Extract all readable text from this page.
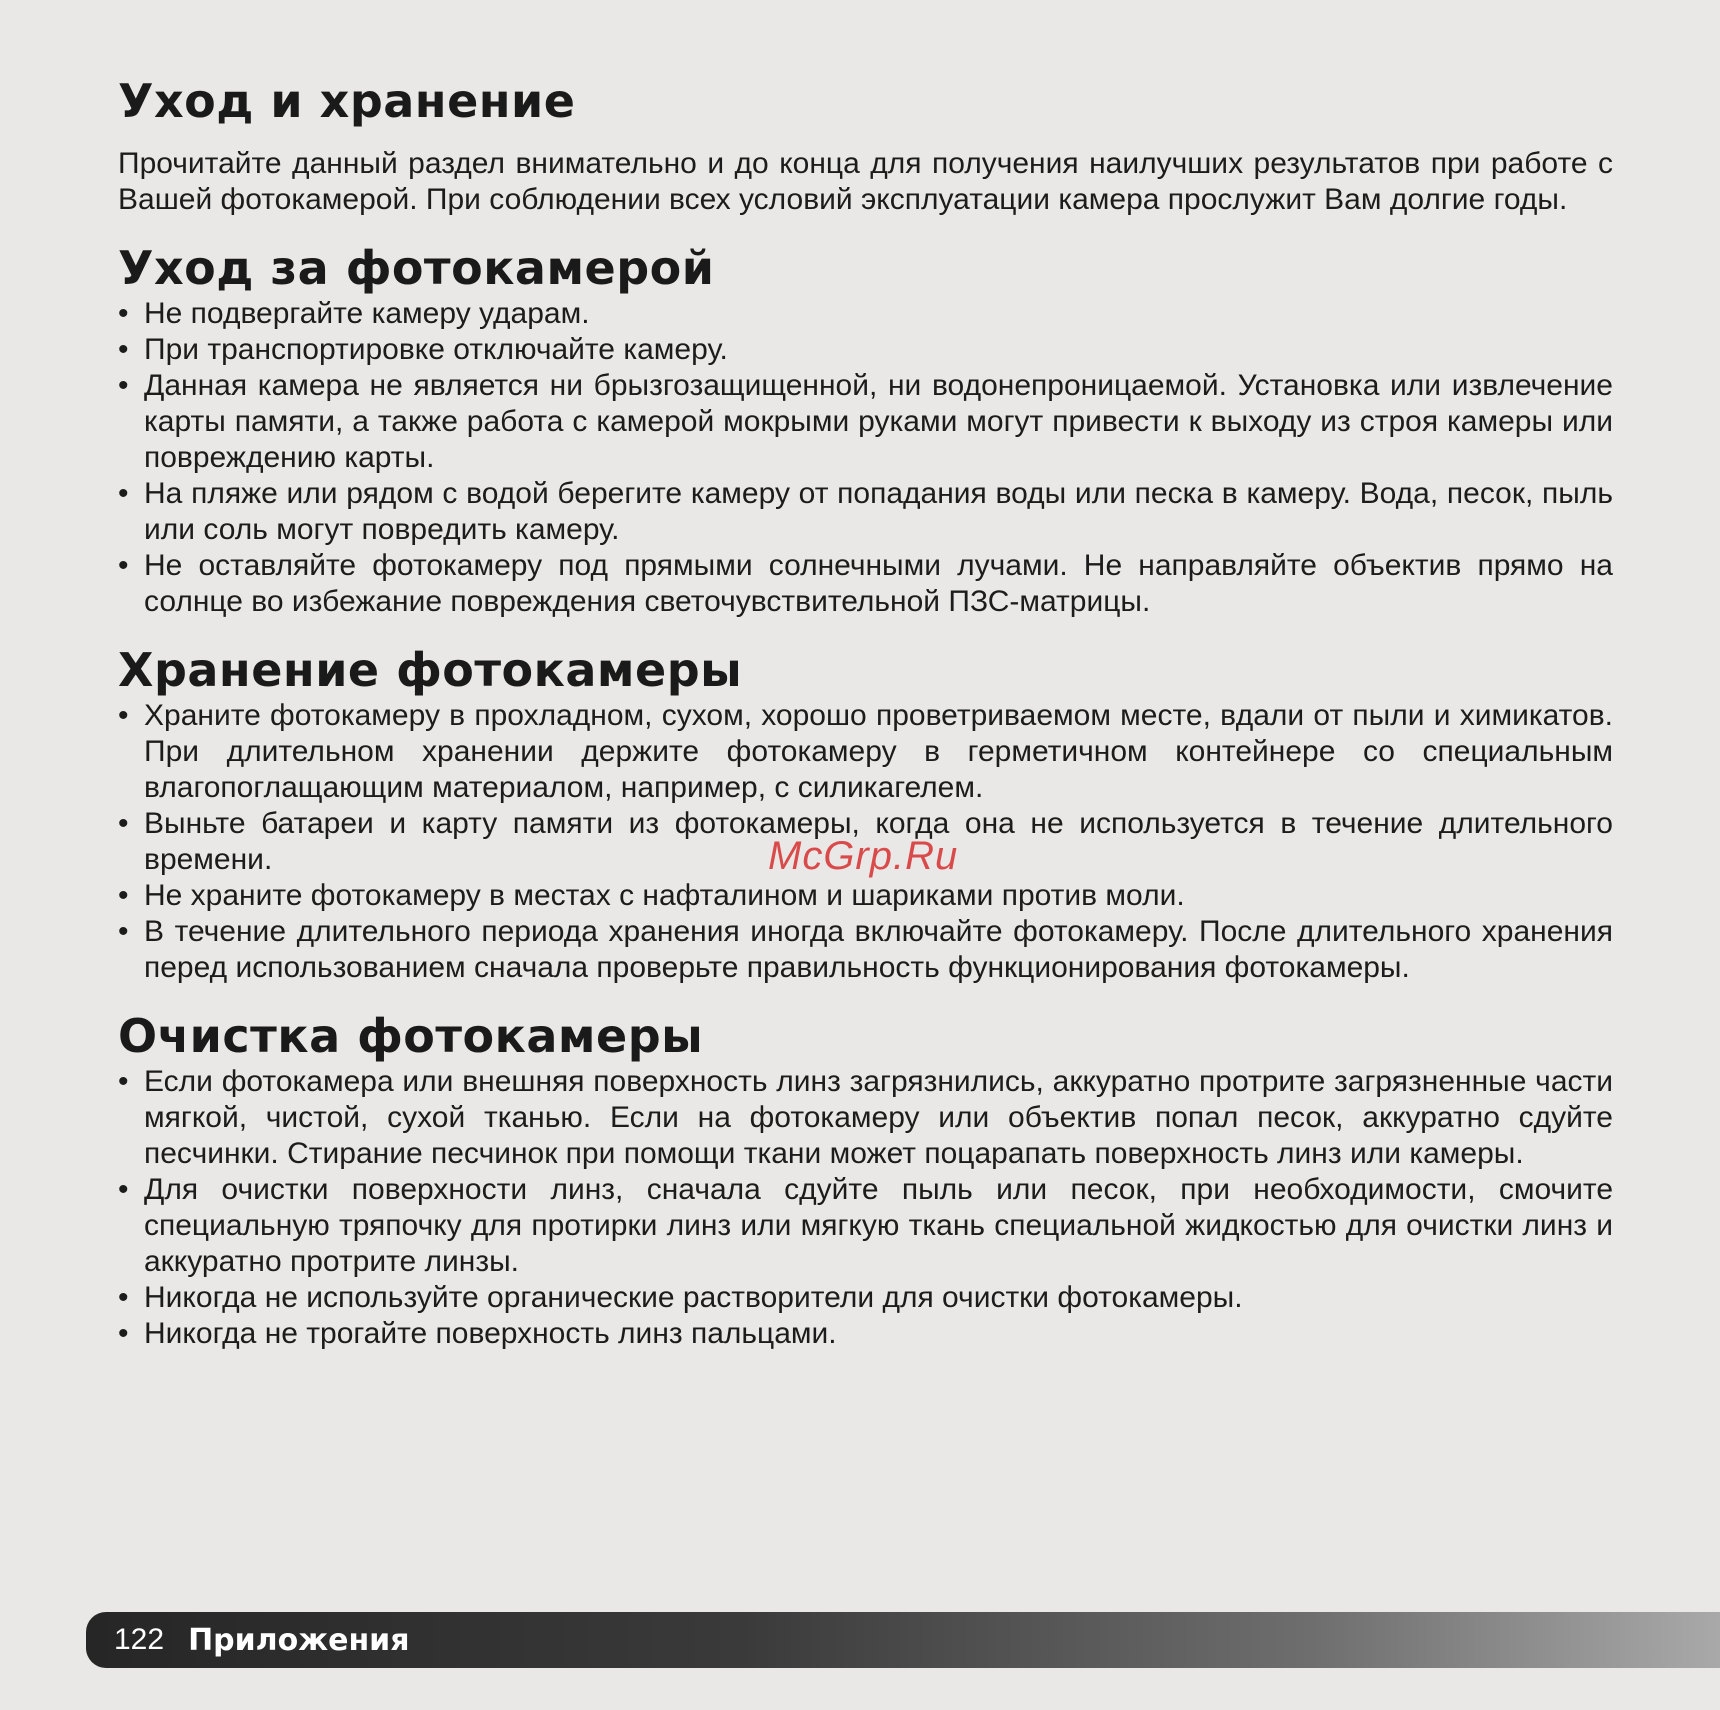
Уход и хранение

Прочитайте данный раздел внимательно и до конца для получения наилучших результатов при работе с Вашей фотокамерой. При соблюдении всех условий эксплуатации камера прослужит Вам долгие годы.

Уход за фотокамерой
• Не подвергайте камеру ударам.
• При транспортировке отключайте камеру.
• Данная камера не является ни брызгозащищенной, ни водонепроницаемой. Установка или извлечение карты памяти, а также работа с камерой мокрыми руками могут привести к выходу из строя камеры или повреждению карты.
• На пляже или рядом с водой берегите камеру от попадания воды или песка в камеру. Вода, песок, пыль или соль могут повредить камеру.
• Не оставляйте фотокамеру под прямыми солнечными лучами. Не направляйте объектив прямо на солнце во избежание повреждения светочувствительной ПЗС-матрицы.
Хранение фотокамеры
• Храните фотокамеру в прохладном, сухом, хорошо проветриваемом месте, вдали от пыли и химикатов. При длительном хранении держите фотокамеру в герметичном контейнере со специальным влагопоглащающим материалом, например, с силикагелем.
• Выньте батареи и карту памяти из фотокамеры, когда она не используется в течение длительного времени.
• Не храните фотокамеру в местах с нафталином и шариками против моли.
• В течение длительного периода хранения иногда включайте фотокамеру. После длительного хранения перед использованием сначала проверьте правильность функционирования фотокамеры.
Очистка фотокамеры
• Если фотокамера или внешняя поверхность линз загрязнились, аккуратно протрите загрязненные части мягкой, чистой, сухой тканью. Если на фотокамеру или объектив попал песок, аккуратно сдуйте песчинки. Стирание песчинок при помощи ткани может поцарапать поверхность линз или камеры.
• Для очистки поверхности линз, сначала сдуйте пыль или песок, при необходимости, смочите специальную тряпочку для протирки линз или мягкую ткань специальной жидкостью для очистки линз и аккуратно протрите линзы.
• Никогда не используйте органические растворители для очистки фотокамеры.
• Никогда не трогайте поверхность линз пальцами.
McGrp.Ru
122 Приложения
